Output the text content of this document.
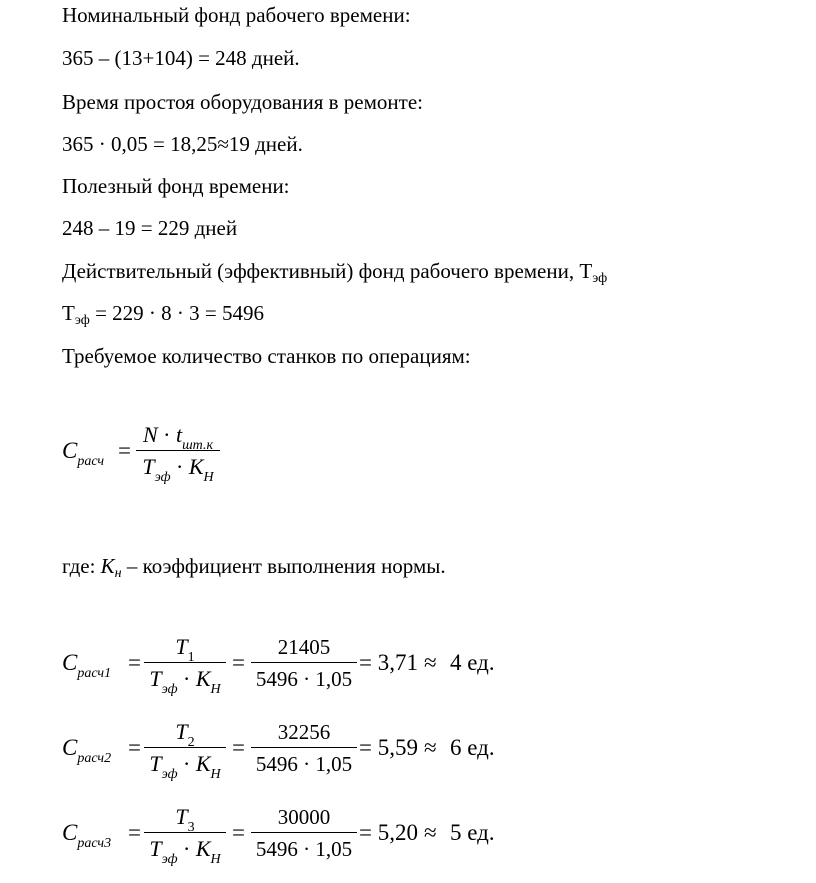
Номинальный фонд рабочего времени:
365 – (13+104) = 248 дней.
Время простоя оборудования в ремонте:
365 · 0,05 = 18,25≈19 дней.
Полезный фонд времени:
248 – 19 = 229 дней
Действительный (эффективный) фонд рабочего времени, $Т_{эф}$
$Т_{эф} = 229 \cdot 8 \cdot 3 = 5496$
Требуемое количество станков по операциям:
$C_{расч}$ =
$N \cdot t_{шт.к}$
$T_{эф} \cdot K_Н$
где: $К_н$ – коэффициент выполнения нормы.
$C_{расч1}$ =
$T_1$
$T_{эф} \cdot K_Н$
=
21405
5496 · 1,05
= 3,71 ≈ 4 ед.
$C_{расч2}$ =
$T_2$
$T_{эф} \cdot K_Н$
=
32256
5496 · 1,05
= 5,59 ≈ 6 ед.
$C_{расч3}$ =
$T_3$
$T_{эф} \cdot K_Н$
=
30000
5496 · 1,05
= 5,20 ≈ 5 ед.
